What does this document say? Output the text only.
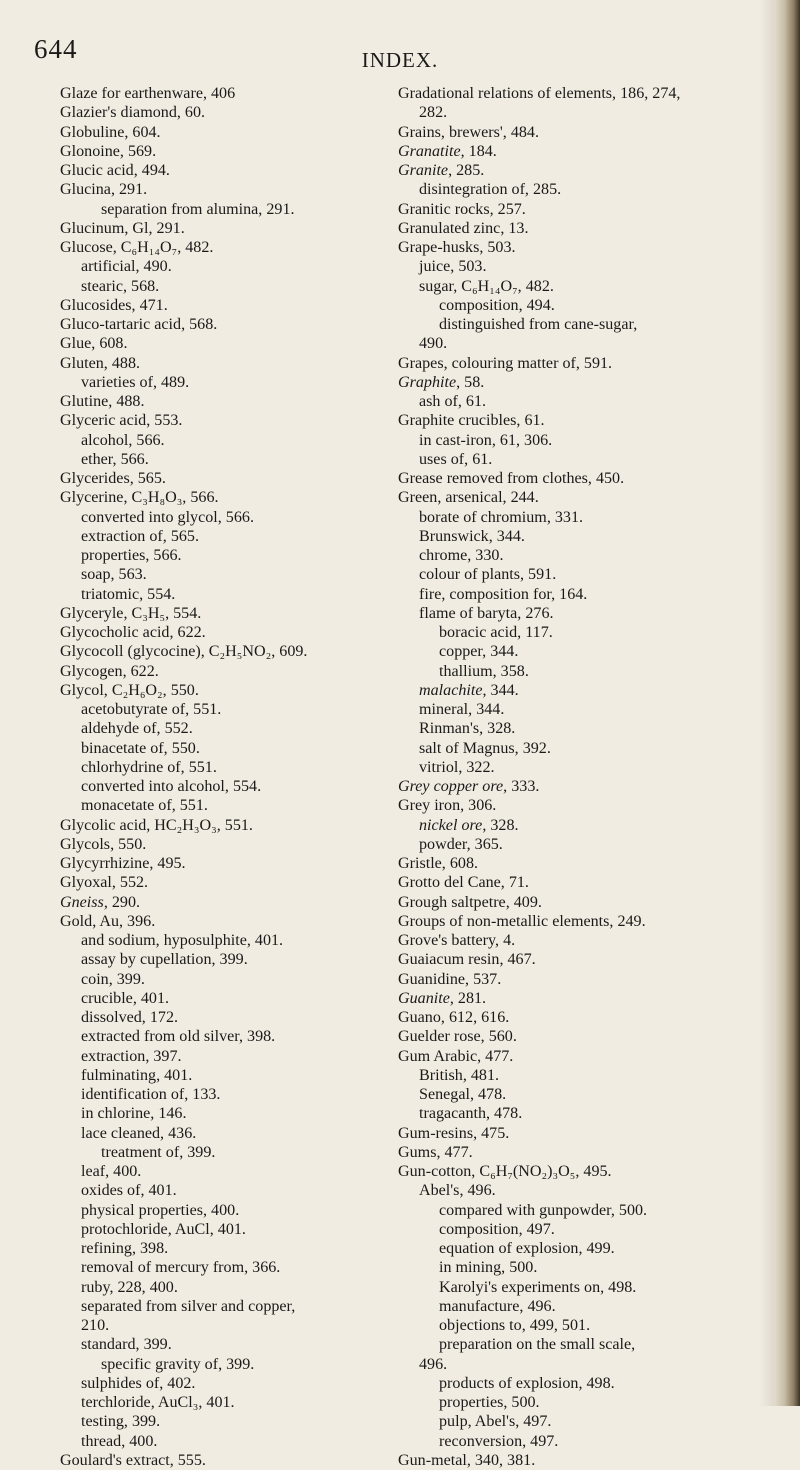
644	INDEX.
Glaze for earthenware, 406
Glazier's diamond, 60.
Globuline, 604.
Glonoine, 569.
Glucic acid, 494.
Glucina, 291.
separation from alumina, 291.
Glucinum, Gl, 291.
Glucose, C₆H₁₄O₇, 482.
artificial, 490.
stearic, 568.
Glucosides, 471.
Gluco-tartaric acid, 568.
Glue, 608.
Gluten, 488.
varieties of, 489.
Glutine, 488.
Glyceric acid, 553.
alcohol, 566.
ether, 566.
Glycerides, 565.
Glycerine, C₃H₈O₃, 566.
converted into glycol, 566.
extraction of, 565.
properties, 566.
soap, 563.
triatomic, 554.
Glyceryle, C₃H₅, 554.
Glycocholic acid, 622.
Glycocoll (glycocine), C₂H₅NO₂, 609.
Glycogen, 622.
Glycol, C₂H₆O₂, 550.
acetobutyrate of, 551.
aldehyde of, 552.
binacetate of, 550.
chlorhydrine of, 551.
converted into alcohol, 554.
monacetate of, 551.
Glycolic acid, HC₂H₃O₃, 551.
Glycols, 550.
Glycyrrhizine, 495.
Glyoxal, 552.
Gneiss, 290.
Gold, Au, 396.
and sodium, hyposulphite, 401.
assay by cupellation, 399.
coin, 399.
crucible, 401.
dissolved, 172.
extracted from old silver, 398.
extraction, 397.
fulminating, 401.
identification of, 133.
in chlorine, 146.
lace cleaned, 436.
treatment of, 399.
leaf, 400.
oxides of, 401.
physical properties, 400.
protochloride, AuCl, 401.
refining, 398.
removal of mercury from, 366.
ruby, 228, 400.
separated from silver and copper,
210.
standard, 399.
specific gravity of, 399.
sulphides of, 402.
terchloride, AuCl₃, 401.
testing, 399.
thread, 400.
Goulard's extract, 555.
Gradational relations of elements, 186, 274,
282.
Grains, brewers', 484.
Granatite, 184.
Granite, 285.
disintegration of, 285.
Granitic rocks, 257.
Granulated zinc, 13.
Grape-husks, 503.
juice, 503.
sugar, C₆H₁₄O₇, 482.
composition, 494.
distinguished from cane-sugar,
490.
Grapes, colouring matter of, 591.
Graphite, 58.
ash of, 61.
Graphite crucibles, 61.
in cast-iron, 61, 306.
uses of, 61.
Grease removed from clothes, 450.
Green, arsenical, 244.
borate of chromium, 331.
Brunswick, 344.
chrome, 330.
colour of plants, 591.
fire, composition for, 164.
flame of baryta, 276.
boracic acid, 117.
copper, 344.
thallium, 358.
malachite, 344.
mineral, 344.
Rinman's, 328.
salt of Magnus, 392.
vitriol, 322.
Grey copper ore, 333.
Grey iron, 306.
nickel ore, 328.
powder, 365.
Gristle, 608.
Grotto del Cane, 71.
Grough saltpetre, 409.
Groups of non-metallic elements, 249.
Grove's battery, 4.
Guaiacum resin, 467.
Guanidine, 537.
Guanite, 281.
Guano, 612, 616.
Guelder rose, 560.
Gum Arabic, 477.
British, 481.
Senegal, 478.
tragacanth, 478.
Gum-resins, 475.
Gums, 477.
Gun-cotton, C₆H₇(NO₂)₃O₅, 495.
Abel's, 496.
compared with gunpowder, 500.
composition, 497.
equation of explosion, 499.
in mining, 500.
Karolyi's experiments on, 498.
manufacture, 496.
objections to, 499, 501.
preparation on the small scale,
496.
products of explosion, 498.
properties, 500.
pulp, Abel's, 497.
reconversion, 497.
Gun-metal, 340, 381.
